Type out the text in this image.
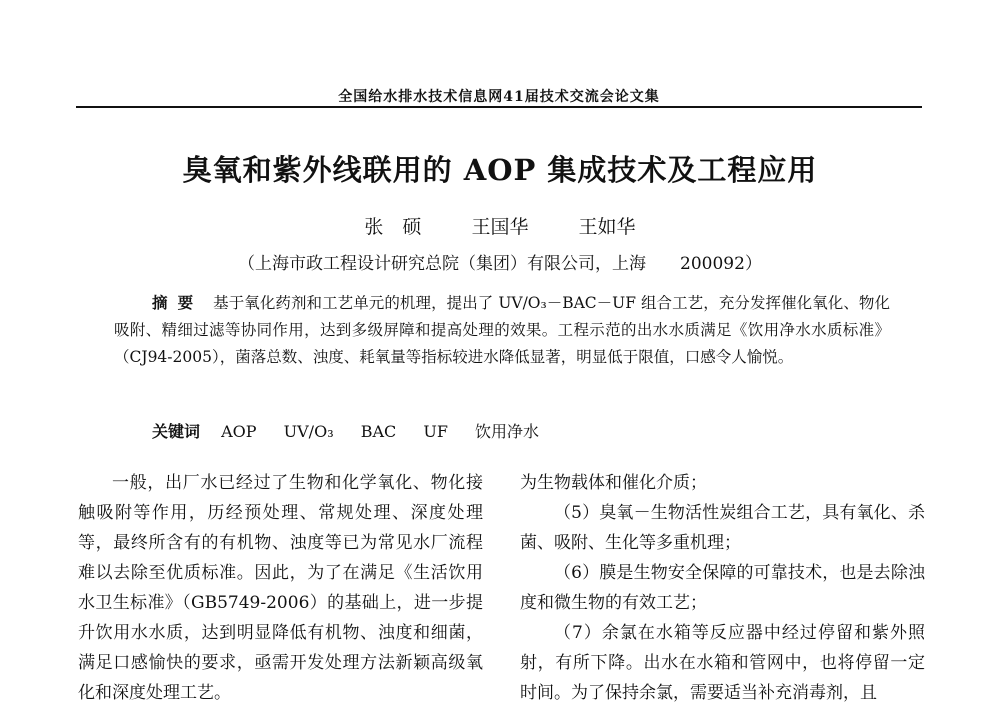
全国给水排水技术信息网41届技术交流会论文集
臭氧和紫外线联用的 AOP 集成技术及工程应用
张　硕	王国华	王如华
（上海市政工程设计研究总院（集团）有限公司，上海　　200092）
摘要 基于氧化药剂和工艺单元的机理，提出了 UV/O₃－BAC－UF 组合工艺，充分发挥催化氧化、物化吸附、精细过滤等协同作用，达到多级屏障和提高处理的效果。工程示范的出水水质满足《饮用净水水质标准》（CJ94-2005），菌落总数、浊度、耗氧量等指标较进水降低显著，明显低于限值，口感令人愉悦。
关键词 AOP UV/O₃ BAC UF 饮用净水

一般，出厂水已经过了生物和化学氧化、物化接触吸附等作用，历经预处理、常规处理、深度处理等，最终所含有的有机物、浊度等已为常见水厂流程难以去除至优质标准。因此，为了在满足《生活饮用水卫生标准》（GB5749-2006）的基础上，进一步提升饮用水水质，达到明显降低有机物、浊度和细菌，满足口感愉快的要求，亟需开发处理方法新颖高级氧化和深度处理工艺。

为生物载体和催化介质；

（5）臭氧－生物活性炭组合工艺，具有氧化、杀菌、吸附、生化等多重机理；

（6）膜是生物安全保障的可靠技术，也是去除浊度和微生物的有效工艺；

（7）余氯在水箱等反应器中经过停留和紫外照射，有所下降。出水在水箱和管网中，也将停留一定时间。为了保持余氯，需要适当补充消毒剂，且
